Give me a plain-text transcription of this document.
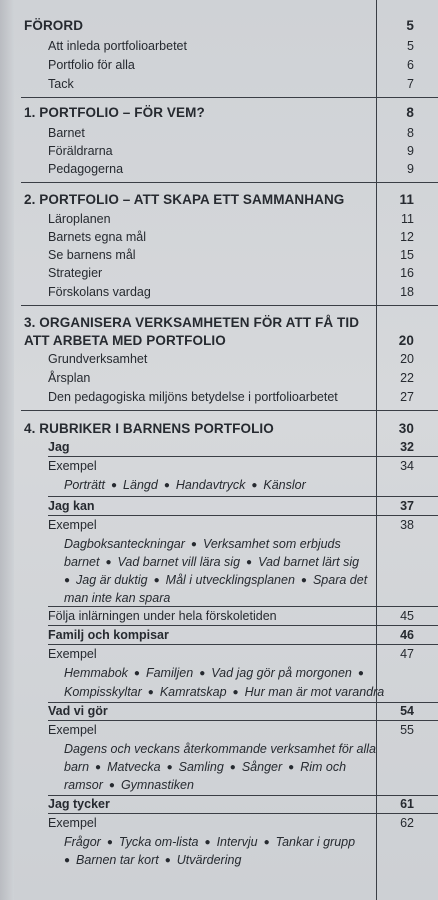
FÖRORD	5
Att inleda portfolioarbetet	5
Portfolio för alla	6
Tack	7
1. PORTFOLIO – FÖR VEM?	8
Barnet	8
Föräldrarna	9
Pedagogerna	9
2. PORTFOLIO – ATT SKAPA ETT SAMMANHANG	11
Läroplanen	11
Barnets egna mål	12
Se barnens mål	15
Strategier	16
Förskolans vardag	18
3. ORGANISERA VERKSAMHETEN FÖR ATT FÅ TID
ATT ARBETA MED PORTFOLIO	20
Grundverksamhet	20
Årsplan	22
Den pedagogiska miljöns betydelse i portfolioarbetet	27
4. RUBRIKER I BARNENS PORTFOLIO	30
Jag	32
Exempel	34
Porträtt ● Längd ● Handavtryck ● Känslor
Jag kan	37
Exempel	38
Dagboksanteckningar ● Verksamhet som erbjuds
barnet ● Vad barnet vill lära sig ● Vad barnet lärt sig
● Jag är duktig ● Mål i utvecklingsplanen ● Spara det
man inte kan spara
Följa inlärningen under hela förskoletiden	45
Familj och kompisar	46
Exempel	47
Hemmabok ● Familjen ● Vad jag gör på morgonen ●
Kompisskyltar ● Kamratskap ● Hur man är mot varandra
Vad vi gör	54
Exempel	55
Dagens och veckans återkommande verksamhet för alla
barn ● Matvecka ● Samling ● Sånger ● Rim och
ramsor ● Gymnastiken
Jag tycker	61
Exempel	62
Frågor ● Tycka om-lista ● Intervju ● Tankar i grupp
● Barnen tar kort ● Utvärdering
